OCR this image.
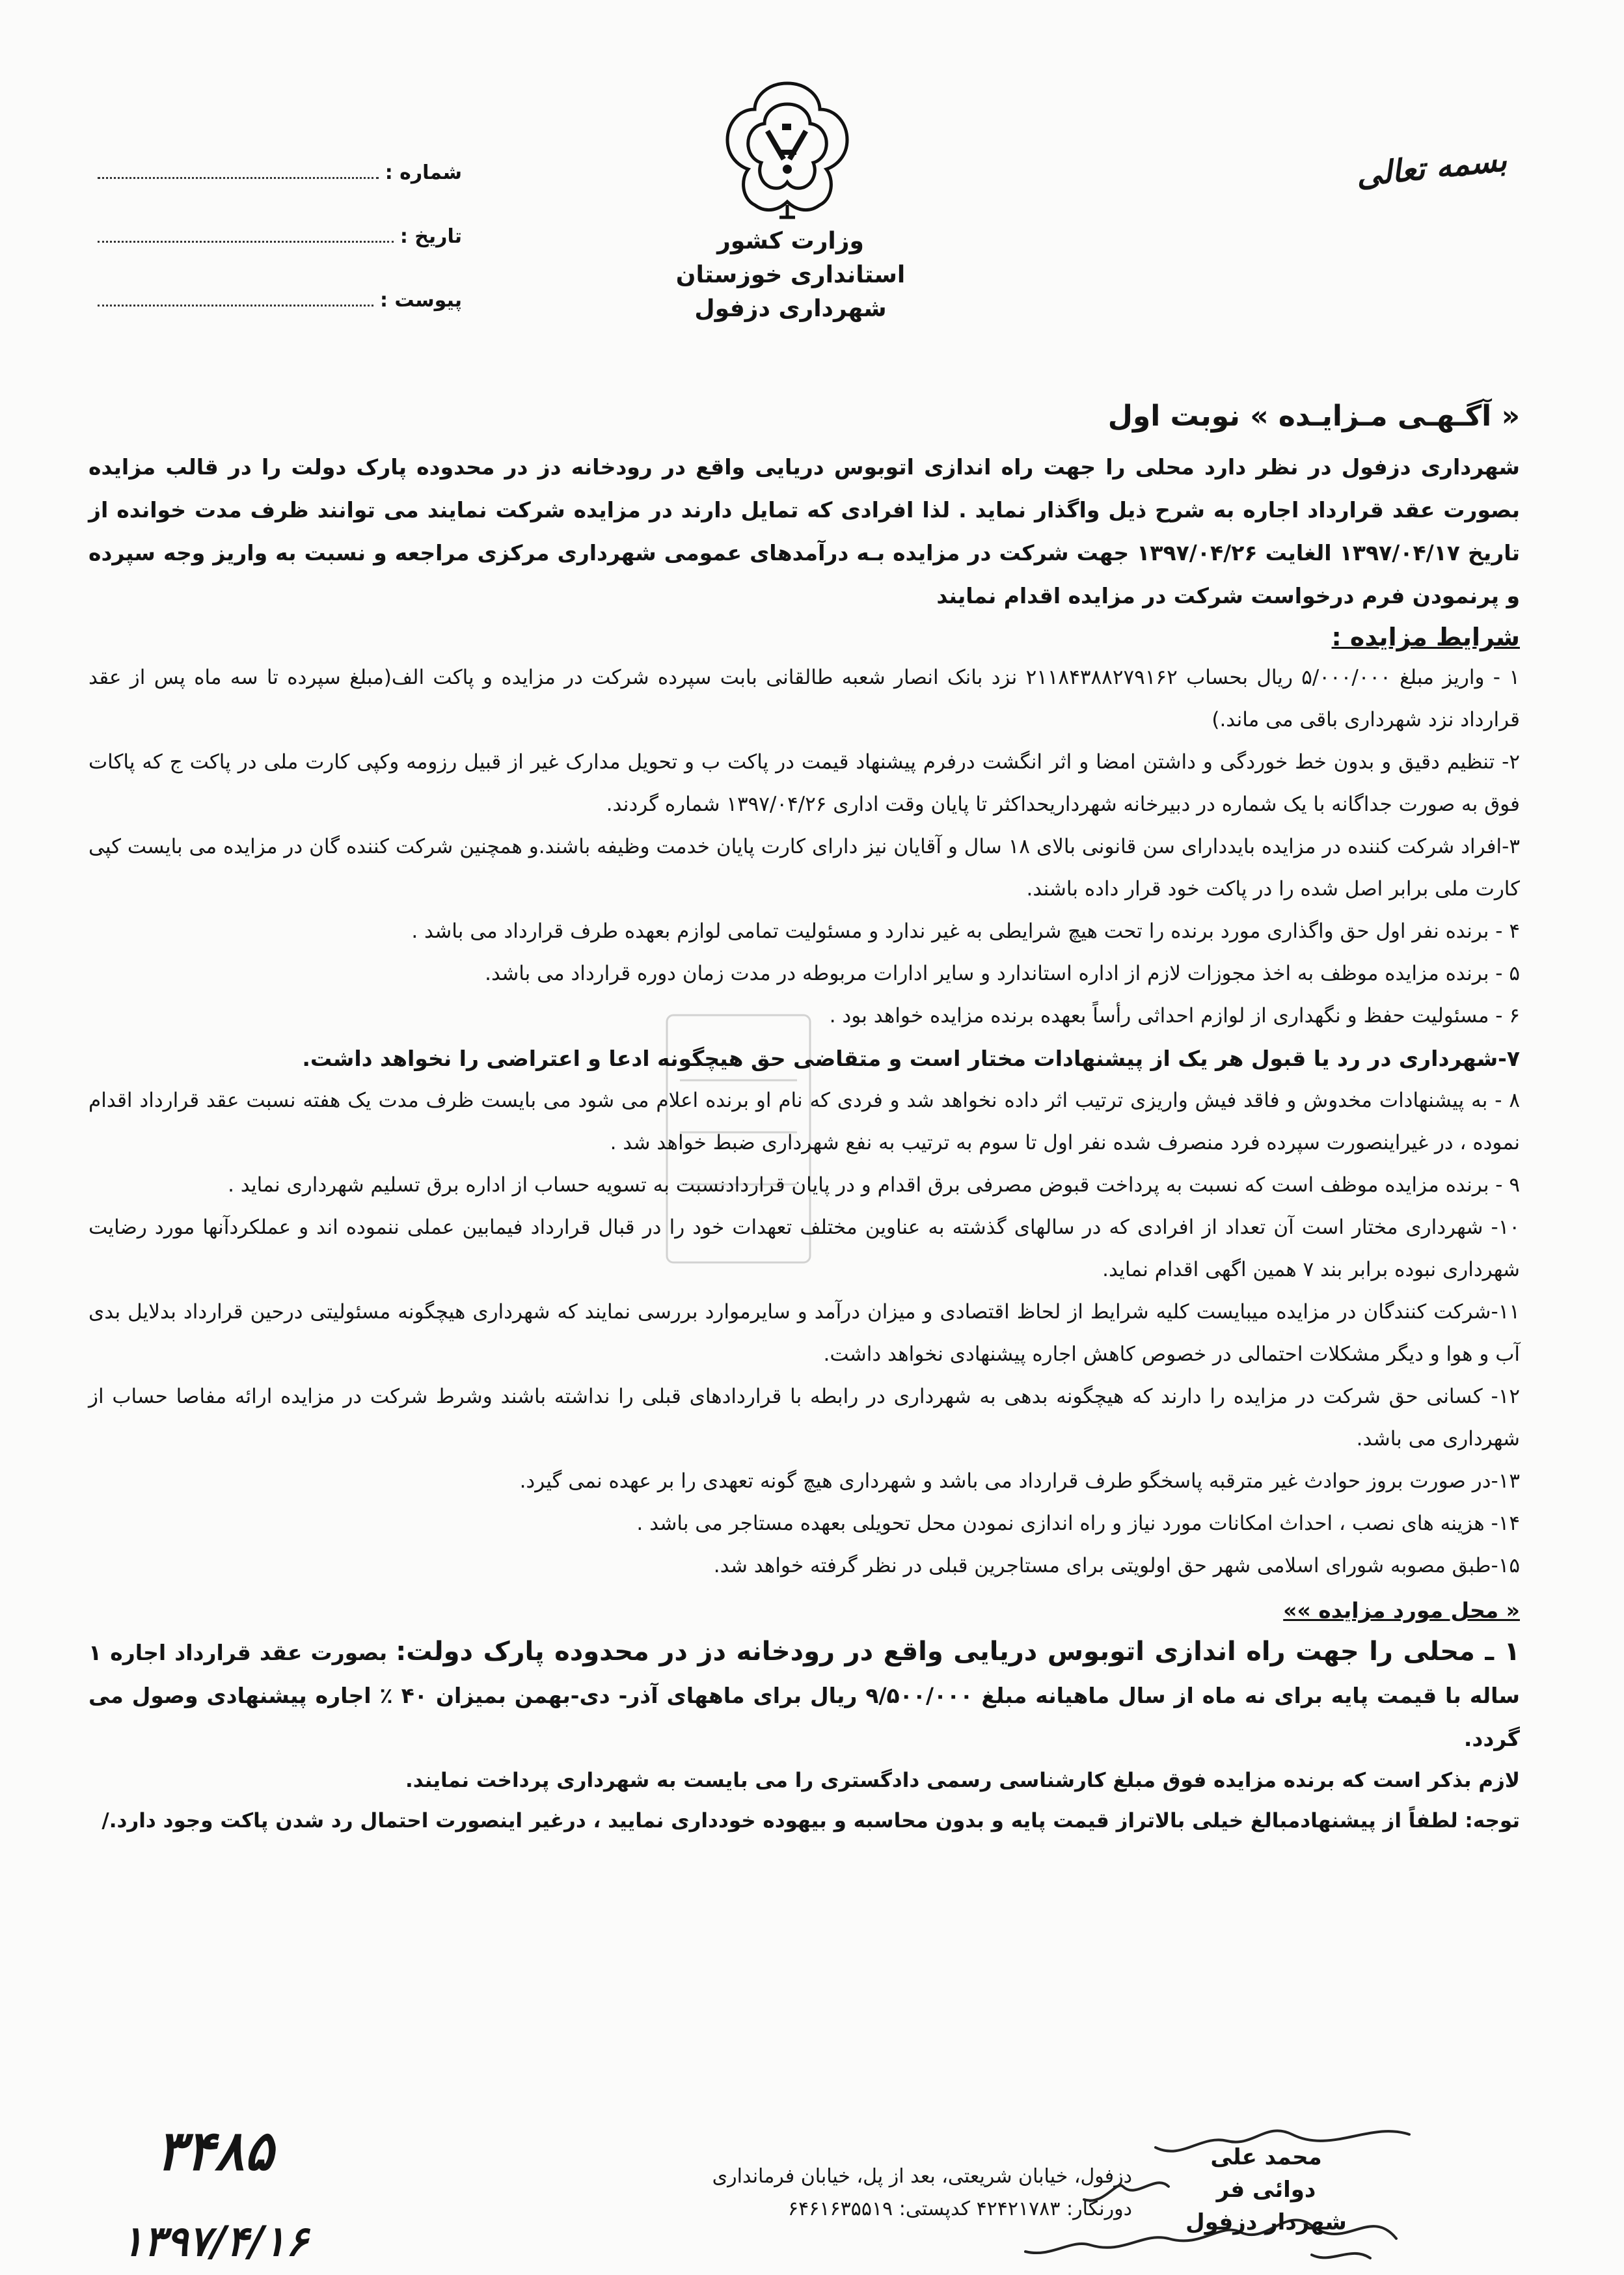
بسمه تعالی
وزارت کشور
استانداری خوزستان
شهرداری دزفول
شماره :
تاریخ :
پیوست :
« آگـهـی مـزایـده » نوبت اول
شهرداری دزفول در نظر دارد محلی را جهت راه اندازی اتوبوس دریایی واقع در رودخانه دز در محدوده پارک دولت را در قالب مزایده بصورت عقد قرارداد اجاره به شرح ذیل واگذار نماید . لذا افرادی که تمایل دارند در مزایده شرکت نمایند می توانند ظرف مدت خوانده از تاریخ ۱۳۹۷/۰۴/۱۷ الغایت ۱۳۹۷/۰۴/۲۶ جهت شرکت در مزایده بـه درآمدهای عمومی شهرداری مرکزی مراجعه و نسبت به واریز وجه سپرده و پرنمودن فرم درخواست شرکت در مزایده اقدام نمایند
شرایط مزایده :
۱ - واریز مبلغ ۵/۰۰۰/۰۰۰ ریال بحساب ۲۱۱۸۴۳۸۸۲۷۹۱۶۲ نزد بانک انصار شعبه طالقانی بابت سپرده شرکت در مزایده و پاکت الف(مبلغ سپرده تا سه ماه پس از عقد قرارداد نزد شهرداری باقی می ماند.)
۲- تنظیم دقیق و بدون خط خوردگی و داشتن امضا و اثر انگشت درفرم پیشنهاد قیمت در پاکت ب و تحویل مدارک غیر از قبیل رزومه وکپی کارت ملی در پاکت ج که پاکات فوق به صورت جداگانه با یک شماره در دبیرخانه شهرداریحداکثر تا پایان وقت اداری ۱۳۹۷/۰۴/۲۶ شماره گردند.
۳-افراد شرکت کننده در مزایده بایددارای سن قانونی بالای ۱۸ سال و آقایان نیز دارای کارت پایان خدمت وظیفه باشند.و همچنین شرکت کننده گان در مزایده می بایست کپی کارت ملی برابر اصل شده را در پاکت خود قرار داده باشند.
۴ - برنده نفر اول حق واگذاری مورد برنده را تحت هیچ شرایطی به غیر ندارد و مسئولیت تمامی لوازم بعهده طرف قرارداد می باشد .
۵ - برنده مزایده موظف به اخذ مجوزات لازم از اداره استاندارد و سایر ادارات مربوطه در مدت زمان دوره قرارداد می باشد.
۶ - مسئولیت حفظ و نگهداری از لوازم احداثی رأساً بعهده برنده مزایده خواهد بود .
۷-شهرداری در رد یا قبول هر یک از پیشنهادات مختار است و متقاضی حق هیچگونه ادعا و اعتراضی را نخواهد داشت.
۸ - به پیشنهادات مخدوش و فاقد فیش واریزی ترتیب اثر داده نخواهد شد و فردی که نام او برنده اعلام می شود می بایست ظرف مدت یک هفته نسبت عقد قرارداد اقدام نموده ، در غیراینصورت سپرده فرد منصرف شده نفر اول تا سوم به ترتیب به نفع شهرداری ضبط خواهد شد .
۹ - برنده مزایده موظف است که نسبت به پرداخت قبوض مصرفی برق اقدام و در پایان قراردادنسبت به تسویه حساب از اداره برق تسلیم شهرداری نماید .
۱۰- شهرداری مختار است آن تعداد از افرادی که در سالهای گذشته به عناوین مختلف تعهدات خود را در قبال قرارداد فیمابین عملی ننموده اند و عملکردآنها مورد رضایت شهرداری نبوده برابر بند ۷ همین اگهی اقدام نماید.
۱۱-شرکت کنندگان در مزایده میبایست کلیه شرایط از لحاظ اقتصادی و میزان درآمد و سایرموارد بررسی نمایند که شهرداری هیچگونه مسئولیتی درحین قرارداد بدلایل بدی آب و هوا و دیگر مشکلات احتمالی در خصوص کاهش اجاره پیشنهادی نخواهد داشت.
۱۲- کسانی حق شرکت در مزایده را دارند که هیچگونه بدهی به شهرداری در رابطه با قراردادهای قبلی را نداشته باشند وشرط شرکت در مزایده ارائه مفاصا حساب از شهرداری می باشد.
۱۳-در صورت بروز حوادث غیر مترقبه پاسخگو طرف قرارداد می باشد و شهرداری هیچ گونه تعهدی را بر عهده نمی گیرد.
۱۴- هزینه های نصب ، احداث امکانات مورد نیاز و راه اندازی نمودن محل تحویلی بعهده مستاجر می باشد .
۱۵-طبق مصوبه شورای اسلامی شهر حق اولویتی برای مستاجرین قبلی در نظر گرفته خواهد شد.
« محل مورد مزایده »»
۱ ـ محلی را جهت راه اندازی اتوبوس دریایی واقع در رودخانه دز در محدوده پارک دولت: بصورت عقد قرارداد اجاره ۱ ساله با قیمت پایه برای نه ماه از سال ماهیانه مبلغ ۹/۵۰۰/۰۰۰ ریال برای ماههای آذر- دی-بهمن بمیزان ۴۰ ٪ اجاره پیشنهادی وصول می گردد.
لازم بذکر است که برنده مزایده فوق مبلغ کارشناسی رسمی دادگستری را می بایست به شهرداری پرداخت نمایند.
توجه: لطفاً از پیشنهادمبالغ خیلی بالاتراز قیمت پایه و بدون محاسبه و بیهوده خودداری نمایید ، درغیر اینصورت احتمال رد شدن پاکت وجود دارد./
۳۴۸۵
۱۳۹۷/۴/۱۶
دزفول، خیابان شریعتی، بعد از پل، خیابان فرمانداری
دورنگار: ۴۲۴۲۱۷۸۳ کدپستی: ۶۴۶۱۶۳۵۵۱۹
محمد علی دوائی فر
شهردار دزفول
